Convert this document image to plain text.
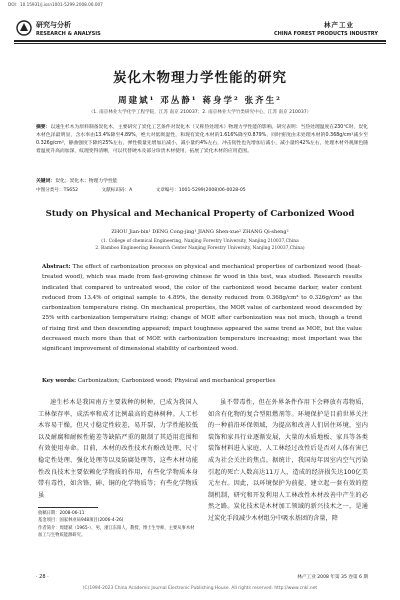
DOI：10.15931/j.issn1001-5299.2008.06.007
研究与分析
RESEARCH & ANALYSIS
林产工业
CHINA FOREST PRODUCTS INDUSTRY
炭化木物理力学性能的研究
周建斌¹ 邓丛静¹ 蒋身学² 张齐生²
（1. 南京林业大学化学工程学院，江苏 南京 210037；2. 南京林业大学竹类研究中心，江苏 南京 210037）
摘要：以速生杉木为原料制备炭化木，主要研究了炭化工艺条件对炭化木（又称热处理木）物理力学性能的影响。研究表明：当热处理温度在230℃时，炭化木材色泽最明显，含水率由13.4%降至4.89%，绝大对低吸湿性，和现有炭化木材的1.616%降至0.879%，同时密度由未处理木材的0.368g/cm³减少至0.326g/cm³，静曲强度下降约25%左右，弹性模量先增加后减小，减小量约4%左右，冲击韧性也先增加后减小，减小量约42%左右，处理木材外观颜色随着温度升高而加深，纹理变得清晰，可以代替硬木及部分珍贵木材使用，拓展了炭化木材的应用范围。
关键词：炭化；炭化木；物理力学性能
中图分类号：TS652	文献标识码：A	文章编号：1001-5299(2008)06-0028-05
Study on Physical and Mechanical Property of Carbonized Wood
ZHOU Jian-bin¹ DENG Cong-jing¹ JIANG Shen-xue² ZHANG Qi-sheng²
(1. College of chemical Engineering, Nanjing Forestry University, Nanjing 210037,China
2. Bamboo Engineering Research Center Nanjing Forestry University, Nanjing 210037,China)
Abstract: The effect of carbonization process on physical and mechanical properties of carbonized wood (heat-treated wood), which was made from fast-growing chinese fir wood in this test, was studied. Research results indicated that compared to untreated wood, the color of the carbonized wood became darker, water content reduced from 13.4% of original sample to 4.89%, the density reduced from 0.368g/cm³ to 0.326g/cm³ as the carbonization temperature rising. On mechanical properties, the MOR value of carbonized wood descended by 25% with carbonization temperature rising; change of MOE after carbonization was not much, though a trend of rising first and then descending appeared; impact toughness appeared the same trend as MOE, but the value decreased much more than that of MOE with carbonization temperature increasing; most important was the significant improvement of dimensional stability of carbonized wood.
Key words: Carbonization; Carbonized wood; Physical and mechanical properties
速生杉木是我国南方主要栽种的树种，已成为我国人工林保存率、成活率和成才比例最高的造林树种。人工杉木容易干燥，但尺寸稳定性较差，易开裂，力学性能较低以及耐腐和耐候性能差等缺陷严重的限制了其适用范围和有效使用寿命。目前，木材的改性技术有酚改处理、尺寸稳定性处理、强化处理等以及防腐处理等，这些木材功能性改良技术主要依赖化学物质的作用，有些化学物质本身带有毒性，如含铬、砷、铜的化学物质等；有些化学物质虽
虽不带毒性，但在外界条件作用下会释放有毒物质，如含有化物的复合型阻燃剂等。环境保护是目前世界关注的一种前沿环保领域，为提高和改善人们居住环境，室内装饰和家具行业逐渐发展，大量的木质地板、家具等各类装饰材料进入家庭，人工林经过改性后是否对人体有害已成为社会关注的焦点。据统计，我国每年因室内空气污染引起的死亡人数高达11万人，造成的经济损失达100亿美元左右。因此，以环境保护为前提，建立起一套有效的控制机制，研究和开发利用人工林改性木材改善中产生的必然之路。炭化技术是木材加工领域的新兴技术之一，是通过炭化手段减少木材组分中吸水基团的含量，降
收稿日期：2008-06-11
基金项目：国家林业局948项目(2006-4-26)
作者简介：周建斌（1965-），男，浙江东阳人，教授，博士生导师，主要从事木材加工与生物质能源研究。
· 28 ·	林产工业 2008 年第 35 卷第 6 期
(C)1994-2023 China Academic Journal Electronic Publishing House. All rights reserved. http://www.cnki.net
